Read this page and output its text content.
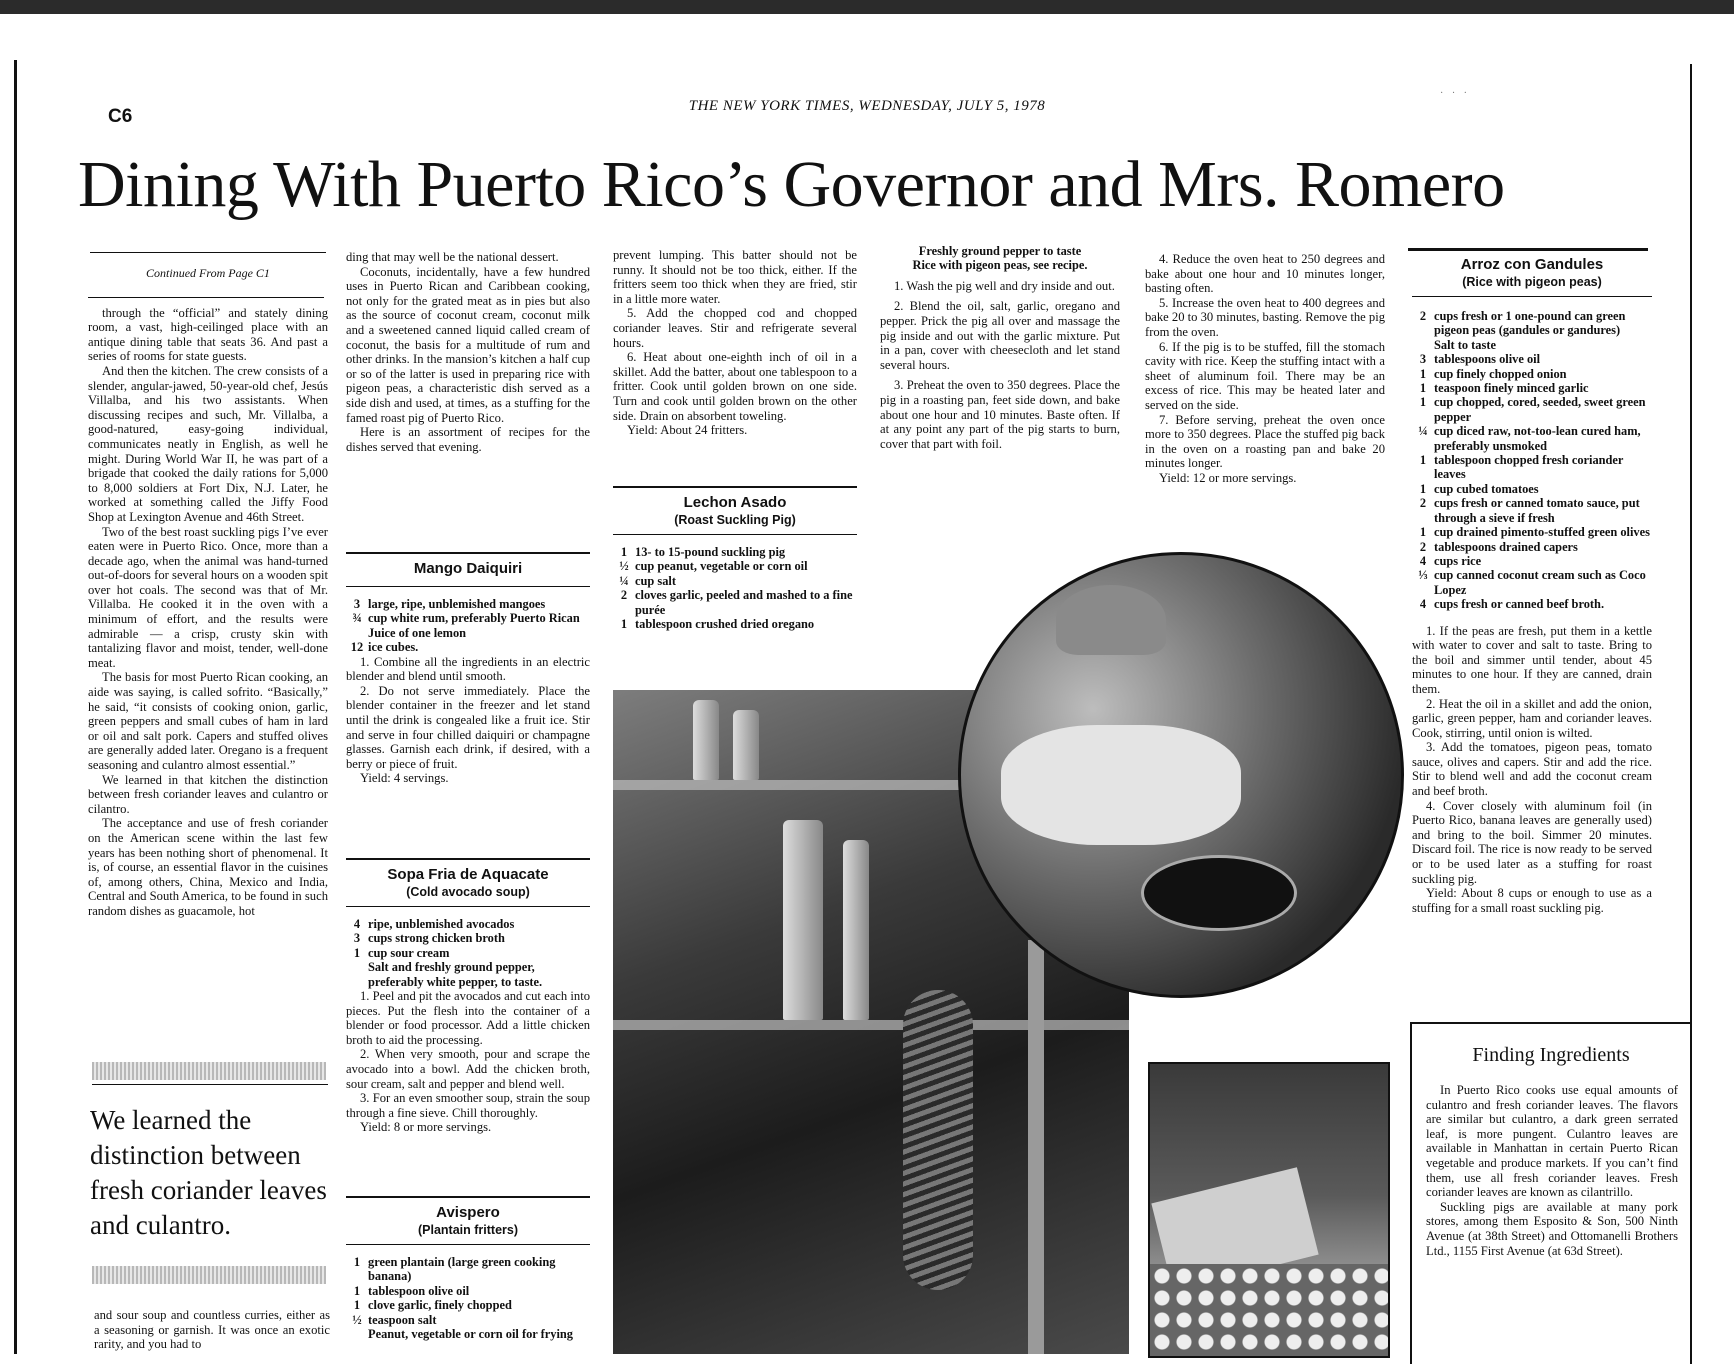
· · ·
C6	THE NEW YORK TIMES, WEDNESDAY, JULY 5, 1978
Dining With Puerto Rico’s Governor and Mrs. Romero
Continued From Page C1

through the “official” and stately dining room, a vast, high-ceilinged place with an antique dining table that seats 36. And past a series of rooms for state guests.

And then the kitchen. The crew consists of a slender, angular-jawed, 50-year-old chef, Jesús Villalba, and his two assistants. When discussing recipes and such, Mr. Villalba, a good-natured, easy-going individual, communicates neatly in English, as well he might. During World War II, he was part of a brigade that cooked the daily rations for 5,000 to 8,000 soldiers at Fort Dix, N.J. Later, he worked at something called the Jiffy Food Shop at Lexington Avenue and 46th Street.

Two of the best roast suckling pigs I’ve ever eaten were in Puerto Rico. Once, more than a decade ago, when the animal was hand-turned out-of-doors for several hours on a wooden spit over hot coals. The second was that of Mr. Villalba. He cooked it in the oven with a minimum of effort, and the results were admirable — a crisp, crusty skin with tantalizing flavor and moist, tender, well-done meat.

The basis for most Puerto Rican cooking, an aide was saying, is called sofrito. “Basically,” he said, “it consists of cooking onion, garlic, green peppers and small cubes of ham in lard or oil and salt pork. Capers and stuffed olives are generally added later. Oregano is a frequent seasoning and culantro almost essential.”

We learned in that kitchen the distinction between fresh coriander leaves and culantro or cilantro.

The acceptance and use of fresh coriander on the American scene within the last few years has been nothing short of phenomenal. It is, of course, an essential flavor in the cuisines of, among others, China, Mexico and India, Central and South America, to be found in such random dishes as guacamole, hot

We learned the distinction between fresh coriander leaves and culantro.

and sour soup and countless curries, either as a seasoning or garnish. It was once an exotic rarity, and you had to

ding that may well be the national dessert.

Coconuts, incidentally, have a few hundred uses in Puerto Rican and Caribbean cooking, not only for the grated meat as in pies but also as the source of coconut cream, coconut milk and a sweetened canned liquid called cream of coconut, the basis for a multitude of rum and other drinks. In the mansion’s kitchen a half cup or so of the latter is used in preparing rice with pigeon peas, a characteristic dish served as a side dish and used, at times, as a stuffing for the famed roast pig of Puerto Rico.

Here is an assortment of recipes for the dishes served that evening.

Mango Daiquiri
3 large, ripe, unblemished mangoes
¾ cup white rum, preferably Puerto Rican
Juice of one lemon
12 ice cubes.

1. Combine all the ingredients in an electric blender and blend until smooth.

2. Do not serve immediately. Place the blender container in the freezer and let stand until the drink is congealed like a fruit ice. Stir and serve in four chilled daiquiri or champagne glasses. Garnish each drink, if desired, with a berry or piece of fruit.

Yield: 4 servings.

Sopa Fria de Aquacate
(Cold avocado soup)
4 ripe, unblemished avocados
3 cups strong chicken broth
1 cup sour cream
Salt and freshly ground pepper, preferably white pepper, to taste.

1. Peel and pit the avocados and cut each into pieces. Put the flesh into the container of a blender or food processor. Add a little chicken broth to aid the processing.

2. When very smooth, pour and scrape the avocado into a bowl. Add the chicken broth, sour cream, salt and pepper and blend well.

3. For an even smoother soup, strain the soup through a fine sieve. Chill thoroughly.

Yield: 8 or more servings.

Avispero
(Plantain fritters)
1 green plantain (large green cooking banana)
1 tablespoon olive oil
1 clove garlic, finely chopped
½ teaspoon salt
Peanut, vegetable or corn oil for frying

prevent lumping. This batter should not be runny. It should not be too thick, either. If the fritters seem too thick when they are fried, stir in a little more water.

5. Add the chopped cod and chopped coriander leaves. Stir and refrigerate several hours.

6. Heat about one-eighth inch of oil in a skillet. Add the batter, about one tablespoon to a fritter. Cook until golden brown on one side. Turn and cook until golden brown on the other side. Drain on absorbent toweling.

Yield: About 24 fritters.

Lechon Asado
(Roast Suckling Pig)
1 13- to 15-pound suckling pig
½ cup peanut, vegetable or corn oil
¼ cup salt
2 cloves garlic, peeled and mashed to a fine purée
1 tablespoon crushed dried oregano
Freshly ground pepper to taste
Rice with pigeon peas, see recipe.

1. Wash the pig well and dry inside and out.

2. Blend the oil, salt, garlic, oregano and pepper. Prick the pig all over and massage the pig inside and out with the garlic mixture. Put in a pan, cover with cheesecloth and let stand several hours.

3. Preheat the oven to 350 degrees. Place the pig in a roasting pan, feet side down, and bake about one hour and 10 minutes. Baste often. If at any point any part of the pig starts to burn, cover that part with foil.

4. Reduce the oven heat to 250 degrees and bake about one hour and 10 minutes longer, basting often.

5. Increase the oven heat to 400 degrees and bake 20 to 30 minutes, basting. Remove the pig from the oven.

6. If the pig is to be stuffed, fill the stomach cavity with rice. Keep the stuffing intact with a sheet of aluminum foil. There may be an excess of rice. This may be heated later and served on the side.

7. Before serving, preheat the oven once more to 350 degrees. Place the stuffed pig back in the oven on a roasting pan and bake 20 minutes longer.

Yield: 12 or more servings.

Arroz con Gandules
(Rice with pigeon peas)
2 cups fresh or 1 one-pound can green pigeon peas (gandules or gandures)
Salt to taste
3 tablespoons olive oil
1 cup finely chopped onion
1 teaspoon finely minced garlic
1 cup chopped, cored, seeded, sweet green pepper
¼ cup diced raw, not-too-lean cured ham, preferably unsmoked
1 tablespoon chopped fresh coriander leaves
1 cup cubed tomatoes
2 cups fresh or canned tomato sauce, put through a sieve if fresh
1 cup drained pimento-stuffed green olives
2 tablespoons drained capers
4 cups rice
⅓ cup canned coconut cream such as Coco Lopez
4 cups fresh or canned beef broth.

1. If the peas are fresh, put them in a kettle with water to cover and salt to taste. Bring to the boil and simmer until tender, about 45 minutes to one hour. If they are canned, drain them.

2. Heat the oil in a skillet and add the onion, garlic, green pepper, ham and coriander leaves. Cook, stirring, until onion is wilted.

3. Add the tomatoes, pigeon peas, tomato sauce, olives and capers. Stir and add the rice. Stir to blend well and add the coconut cream and beef broth.

4. Cover closely with aluminum foil (in Puerto Rico, banana leaves are generally used) and bring to the boil. Simmer 20 minutes. Discard foil. The rice is now ready to be served or to be used later as a stuffing for roast suckling pig.

Yield: About 8 cups or enough to use as a stuffing for a small roast suckling pig.

Finding Ingredients

In Puerto Rico cooks use equal amounts of culantro and fresh coriander leaves. The flavors are similar but culantro, a dark green serrated leaf, is more pungent. Culantro leaves are available in Manhattan in certain Puerto Rican vegetable and produce markets. If you can’t find them, use all fresh coriander leaves. Fresh coriander leaves are known as cilantrillo.

Suckling pigs are available at many pork stores, among them Esposito & Son, 500 Ninth Avenue (at 38th Street) and Ottomanelli Brothers Ltd., 1155 First Avenue (at 63d Street).
